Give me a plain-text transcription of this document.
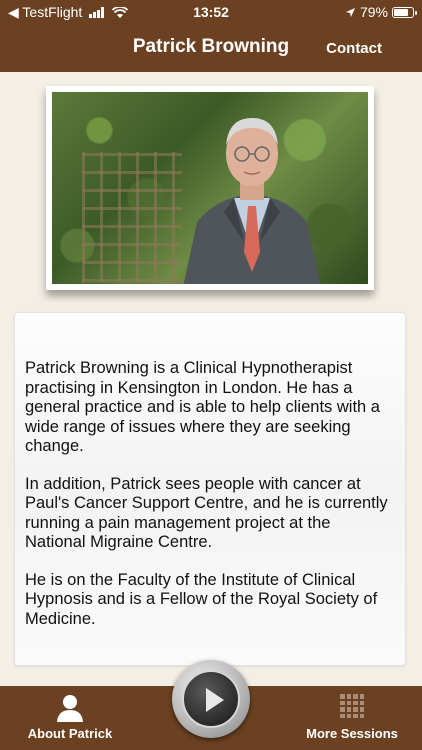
◀ TestFlight	13:52	79%
Patrick Browning	Contact

Patrick Browning is a Clinical Hypnotherapist practising in Kensington in London. He has a general practice and is able to help clients with a wide range of issues where they are seeking change.

In addition, Patrick sees people with cancer at Paul's Cancer Support Centre, and he is currently running a pain management project at the National Migraine Centre.

He is on the Faculty of the Institute of Clinical Hypnosis and is a Fellow of the Royal Society of Medicine.

About Patrick	More Sessions
